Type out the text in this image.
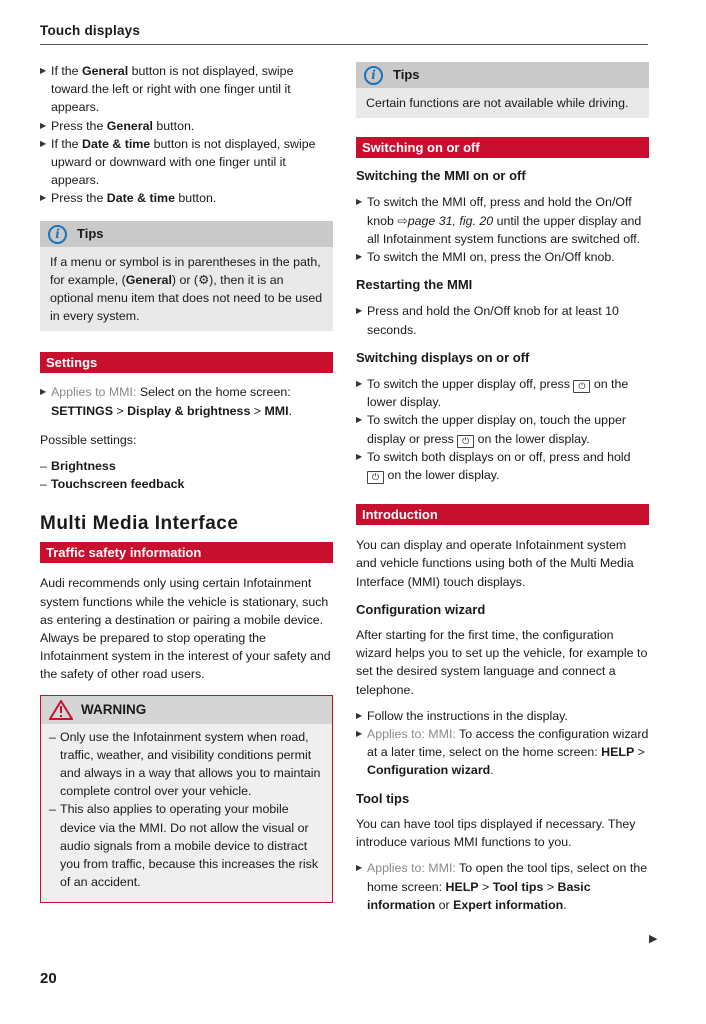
Touch displays
▶ If the General button is not displayed, swipe toward the left or right with one finger until it appears.
▶ Press the General button.
▶ If the Date & time button is not displayed, swipe upward or downward with one finger until it appears.
▶ Press the Date & time button.
i	Tips
If a menu or symbol is in parentheses in the path, for example, (General) or (⚙), then it is an optional menu item that does not need to be used in every system.
Settings
▶ Applies to MMI: Select on the home screen: SETTINGS > Display & brightness > MMI.
Possible settings:
– Brightness
– Touchscreen feedback
Multi Media Interface
Traffic safety information
Audi recommends only using certain Infotainment system functions while the vehicle is stationary, such as entering a destination or pairing a mobile device. Always be prepared to stop operating the Infotainment system in the interest of your safety and the safety of other road users.
WARNING
– Only use the Infotainment system when road, traffic, weather, and visibility conditions permit and always in a way that allows you to maintain complete control over your vehicle.
– This also applies to operating your mobile device via the MMI. Do not allow the visual or audio signals from a mobile device to distract you from traffic, because this increases the risk of an accident.
i	Tips
Certain functions are not available while driving.
Switching on or off
Switching the MMI on or off
▶ To switch the MMI off, press and hold the On/Off knob ⇨page 31, fig. 20 until the upper display and all Infotainment system functions are switched off.
▶ To switch the MMI on, press the On/Off knob.
Restarting the MMI
▶ Press and hold the On/Off knob for at least 10 seconds.
Switching displays on or off
▶ To switch the upper display off, press ⏻ on the lower display.
▶ To switch the upper display on, touch the upper display or press ⏻ on the lower display.
▶ To switch both displays on or off, press and hold ⏻ on the lower display.
Introduction
You can display and operate Infotainment system and vehicle functions using both of the Multi Media Interface (MMI) touch displays.
Configuration wizard
After starting for the first time, the configuration wizard helps you to set up the vehicle, for example to set the desired system language and connect a telephone.
▶ Follow the instructions in the display.
▶ Applies to: MMI: To access the configuration wizard at a later time, select on the home screen: HELP > Configuration wizard.
Tool tips
You can have tool tips displayed if necessary. They introduce various MMI functions to you.
▶ Applies to: MMI: To open the tool tips, select on the home screen: HELP > Tool tips > Basic information or Expert information.
▶
20
